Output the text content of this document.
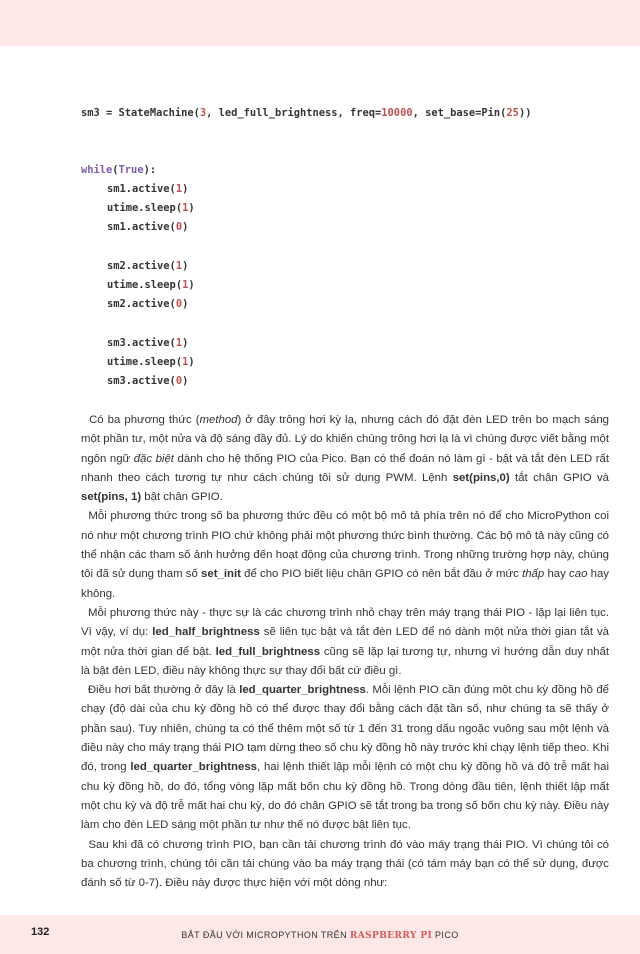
sm3 = StateMachine(3, led_full_brightness, freq=10000, set_base=Pin(25))
while(True):
sm1.active(1)
utime.sleep(1)
sm1.active(0)
sm2.active(1)
utime.sleep(1)
sm2.active(0)
sm3.active(1)
utime.sleep(1)
sm3.active(0)

Có ba phương thức (method) ở đây trông hơi kỳ lạ, nhưng cách đó đặt đèn LED trên bo mạch sáng một phần tư, một nửa và độ sáng đầy đủ. Lý do khiến chúng trông hơi lạ là vì chúng được viết bằng một ngôn ngữ đặc biệt dành cho hệ thống PIO của Pico. Bạn có thể đoán nó làm gì - bật và tắt đèn LED rất nhanh theo cách tương tự như cách chúng tôi sử dụng PWM. Lệnh set(pins,0) tắt chân GPIO và set(pins, 1) bật chân GPIO.

Mỗi phương thức trong số ba phương thức đều có một bộ mô tả phía trên nó để cho MicroPython coi nó như một chương trình PIO chứ không phải một phương thức bình thường. Các bộ mô tả này cũng có thể nhận các tham số ảnh hưởng đến hoạt động của chương trình. Trong những trường hợp này, chúng tôi đã sử dụng tham số set_init để cho PIO biết liệu chân GPIO có nên bắt đầu ở mức thấp hay cao hay không.

Mỗi phương thức này - thực sự là các chương trình nhỏ chạy trên máy trạng thái PIO - lặp lại liên tục. Vì vậy, ví dụ: led_half_brightness sẽ liên tục bật và tắt đèn LED để nó dành một nửa thời gian tắt và một nửa thời gian để bật. led_full_brightness cũng sẽ lặp lại tương tự, nhưng vì hướng dẫn duy nhất là bật đèn LED, điều này không thực sự thay đổi bất cứ điều gì.

Điều hơi bất thường ở đây là led_quarter_brightness. Mỗi lệnh PIO cần đúng một chu kỳ đồng hồ để chạy (độ dài của chu kỳ đồng hồ có thể được thay đổi bằng cách đặt tần số, như chúng ta sẽ thấy ở phần sau). Tuy nhiên, chúng ta có thể thêm một số từ 1 đến 31 trong dấu ngoặc vuông sau một lệnh và điều này cho máy trạng thái PIO tạm dừng theo số chu kỳ đồng hồ này trước khi chạy lệnh tiếp theo. Khi đó, trong led_quarter_brightness, hai lệnh thiết lập mỗi lệnh có một chu kỳ đồng hồ và độ trễ mất hai chu kỳ đồng hồ, do đó, tổng vòng lặp mất bốn chu kỳ đồng hồ. Trong dòng đầu tiên, lệnh thiết lập mất một chu kỳ và độ trễ mất hai chu kỳ, do đó chân GPIO sẽ tắt trong ba trong số bốn chu kỳ này. Điều này làm cho đèn LED sáng một phần tư như thế nó được bật liên tục.

Sau khi đã có chương trình PIO, bạn cần tải chương trình đó vào máy trạng thái PIO. Vì chúng tôi có ba chương trình, chúng tôi cần tải chúng vào ba máy trạng thái (có tám máy bạn có thể sử dụng, được đánh số từ 0-7). Điều này được thực hiện với một dòng như:

132	BẮT ĐẦU VỚI MICROPYTHON TRÊN RASPBERRY PI PICO
